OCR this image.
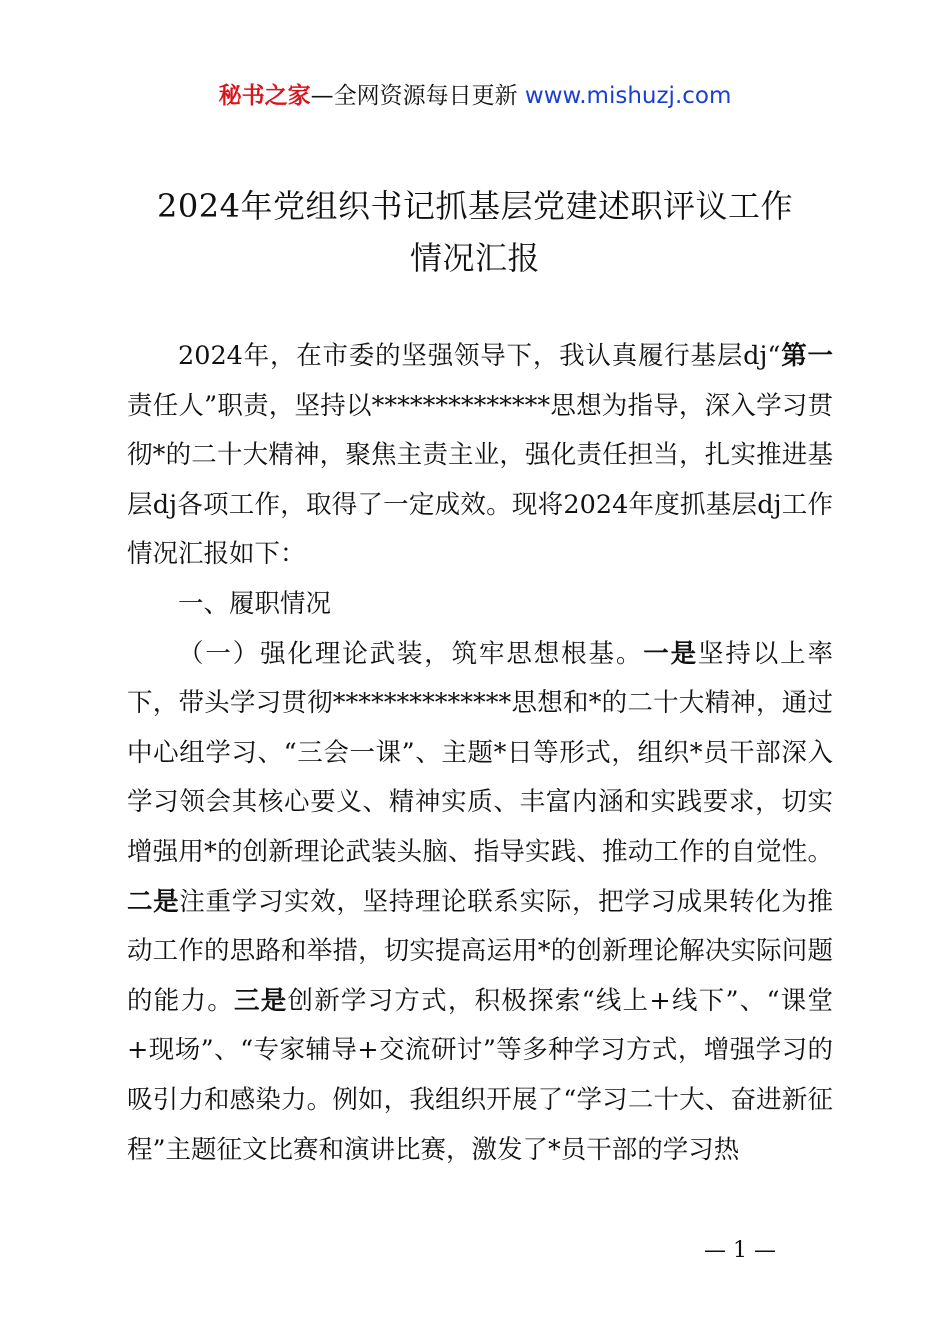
秘书之家—全网资源每日更新 www.mishuzj.com
2024年党组织书记抓基层党建述职评议工作
情况汇报

2024年，在市委的坚强领导下，我认真履行基层dj“第一责任人”职责，坚持以**************思想为指导，深入学习贯彻*的二十大精神，聚焦主责主业，强化责任担当，扎实推进基层dj各项工作，取得了一定成效。现将2024年度抓基层dj工作情况汇报如下：

一、履职情况

（一）强化理论武装，筑牢思想根基。一是坚持以上率下，带头学习贯彻**************思想和*的二十大精神，通过中心组学习、“三会一课”、主题*日等形式，组织*员干部深入学习领会其核心要义、精神实质、丰富内涵和实践要求，切实增强用*的创新理论武装头脑、指导实践、推动工作的自觉性。二是注重学习实效，坚持理论联系实际，把学习成果转化为推动工作的思路和举措，切实提高运用*的创新理论解决实际问题的能力。三是创新学习方式，积极探索“线上+线下”、“课堂+现场”、“专家辅导+交流研讨”等多种学习方式，增强学习的吸引力和感染力。例如，我组织开展了“学习二十大、奋进新征程”主题征文比赛和演讲比赛，激发了*员干部的学习热

— 1 —
